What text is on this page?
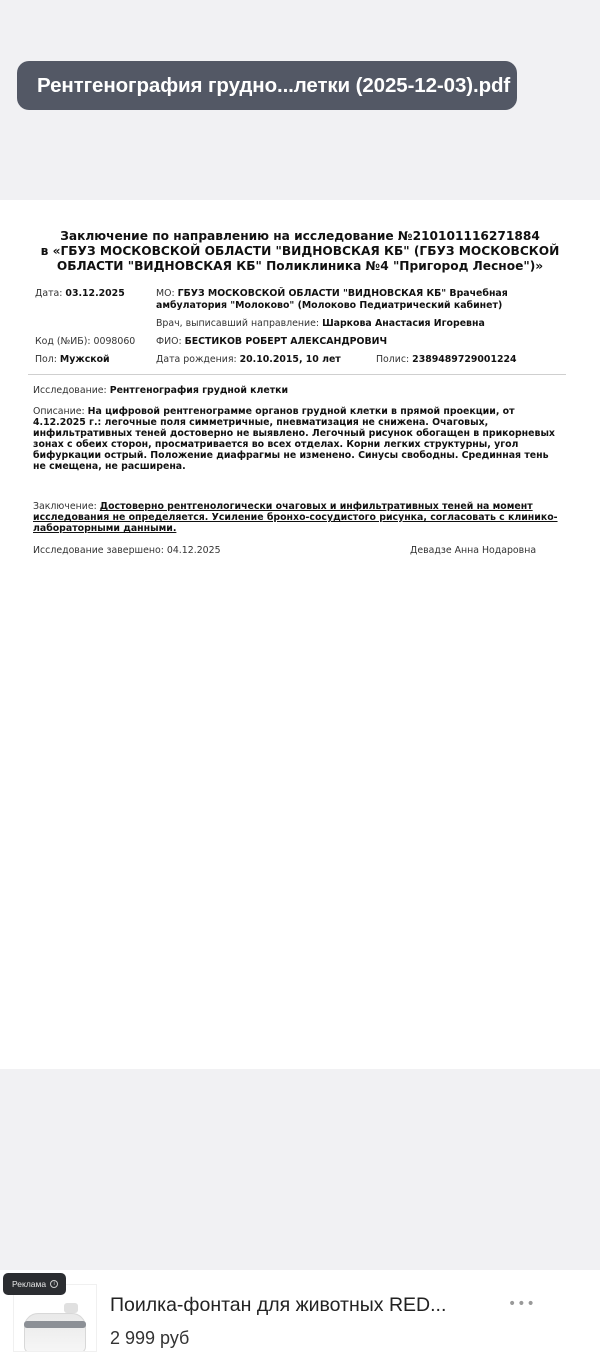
Рентгенография грудно...летки (2025-12-03).pdf
Заключение по направлению на исследование №210101116271884
в «ГБУЗ МОСКОВСКОЙ ОБЛАСТИ "ВИДНОВСКАЯ КБ" (ГБУЗ МОСКОВСКОЙ
ОБЛАСТИ "ВИДНОВСКАЯ КБ" Поликлиника №4 "Пригород Лесное")»
Дата: 03.12.2025	МО: ГБУЗ МОСКОВСКОЙ ОБЛАСТИ "ВИДНОВСКАЯ КБ" Врачебная амбулатория "Молоково" (Молоково Педиатрический кабинет)
Врач, выписавший направление: Шаркова Анастасия Игоревна
Код (№ИБ): 0098060 ФИО: БЕСТИКОВ РОБЕРТ АЛЕКСАНДРОВИЧ
Пол: Мужской	Дата рождения: 20.10.2015, 10 лет	Полис: 2389489729001224
Исследование: Рентгенография грудной клетки
Описание: На цифровой рентгенограмме органов грудной клетки в прямой проекции, от 4.12.2025 г.: легочные поля симметричные, пневматизация не снижена. Очаговых, инфильтративных теней достоверно не выявлено. Легочный рисунок обогащен в прикорневых зонах с обеих сторон, просматривается во всех отделах. Корни легких структурны, угол бифуркации острый. Положение диафрагмы не изменено. Синусы свободны. Срединная тень не смещена, не расширена.
Заключение: Достоверно рентгенологически очаговых и инфильтративных теней на момент исследования не определяется. Усиление бронхо-сосудистого рисунка, согласовать с клинико-лабораторными данными.
Исследование завершено: 04.12.2025	Девадзе Анна Нодаровна
Реклама	i
Поилка-фонтан для животных RED...
2 999 руб
•••
